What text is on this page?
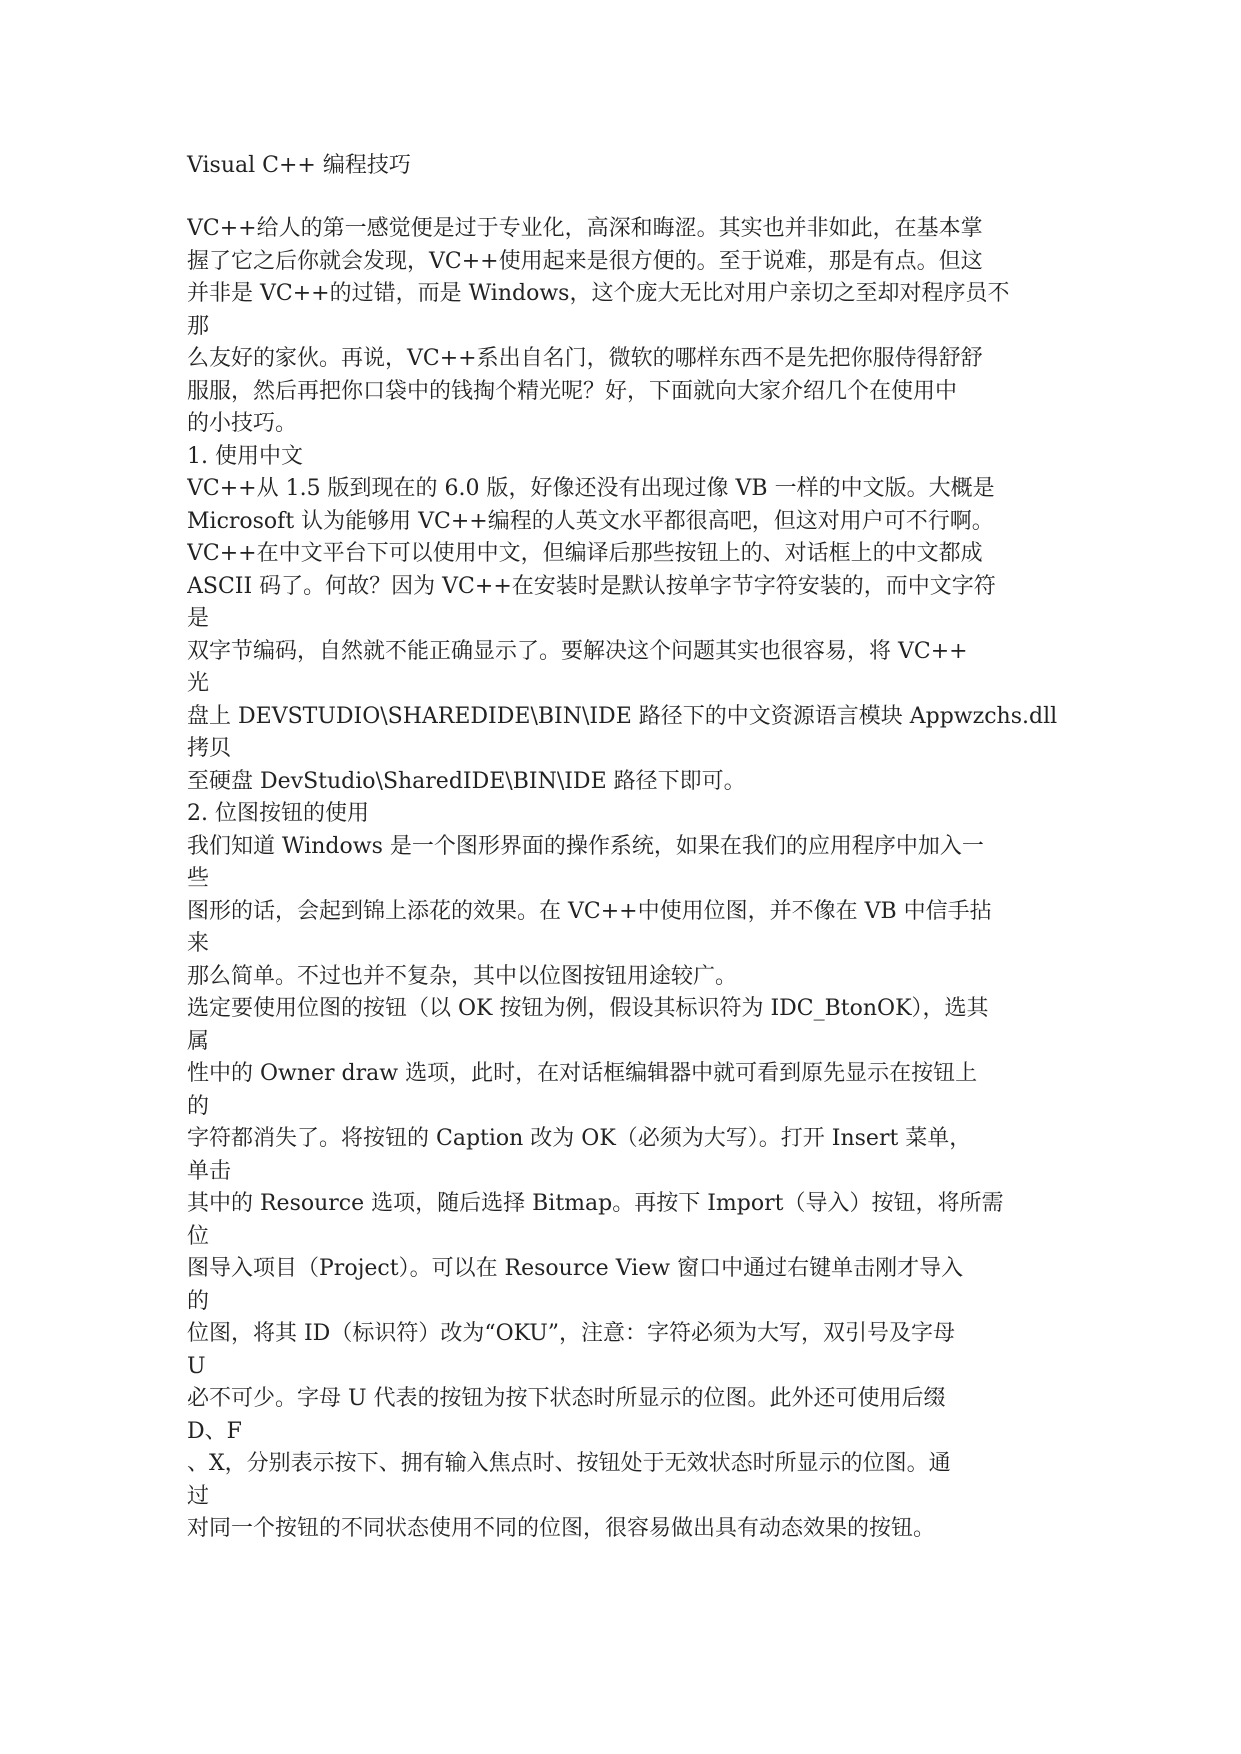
Visual C++ 编程技巧
VC++给人的第一感觉便是过于专业化，高深和晦涩。其实也并非如此，在基本掌
握了它之后你就会发现，VC++使用起来是很方便的。至于说难，那是有点。但这
并非是 VC++的过错，而是 Windows，这个庞大无比对用户亲切之至却对程序员不
那
么友好的家伙。再说，VC++系出自名门，微软的哪样东西不是先把你服侍得舒舒
服服，然后再把你口袋中的钱掏个精光呢？好，下面就向大家介绍几个在使用中
的小技巧。
1. 使用中文
VC++从 1.5 版到现在的 6.0 版，好像还没有出现过像 VB 一样的中文版。大概是
Microsoft 认为能够用 VC++编程的人英文水平都很高吧，但这对用户可不行啊。
VC++在中文平台下可以使用中文，但编译后那些按钮上的、对话框上的中文都成
ASCII 码了。何故？因为 VC++在安装时是默认按单字节字符安装的，而中文字符
是
双字节编码，自然就不能正确显示了。要解决这个问题其实也很容易，将 VC++
光
盘上 DEVSTUDIO\SHAREDIDE\BIN\IDE 路径下的中文资源语言模块 Appwzchs.dll
拷贝
至硬盘 DevStudio\SharedIDE\BIN\IDE 路径下即可。
2. 位图按钮的使用
我们知道 Windows 是一个图形界面的操作系统，如果在我们的应用程序中加入一
些
图形的话，会起到锦上添花的效果。在 VC++中使用位图，并不像在 VB 中信手拈
来
那么简单。不过也并不复杂，其中以位图按钮用途较广。
选定要使用位图的按钮（以 OK 按钮为例，假设其标识符为 IDC_BtonOK），选其
属
性中的 Owner draw 选项，此时，在对话框编辑器中就可看到原先显示在按钮上
的
字符都消失了。将按钮的 Caption 改为 OK（必须为大写）。打开 Insert 菜单，
单击
其中的 Resource 选项，随后选择 Bitmap。再按下 Import（导入）按钮，将所需
位
图导入项目（Project）。可以在 Resource View 窗口中通过右键单击刚才导入
的
位图，将其 ID（标识符）改为“OKU”，注意：字符必须为大写，双引号及字母
U
必不可少。字母 U 代表的按钮为按下状态时所显示的位图。此外还可使用后缀
D、F
、X，分别表示按下、拥有输入焦点时、按钮处于无效状态时所显示的位图。通
过
对同一个按钮的不同状态使用不同的位图，很容易做出具有动态效果的按钮。
